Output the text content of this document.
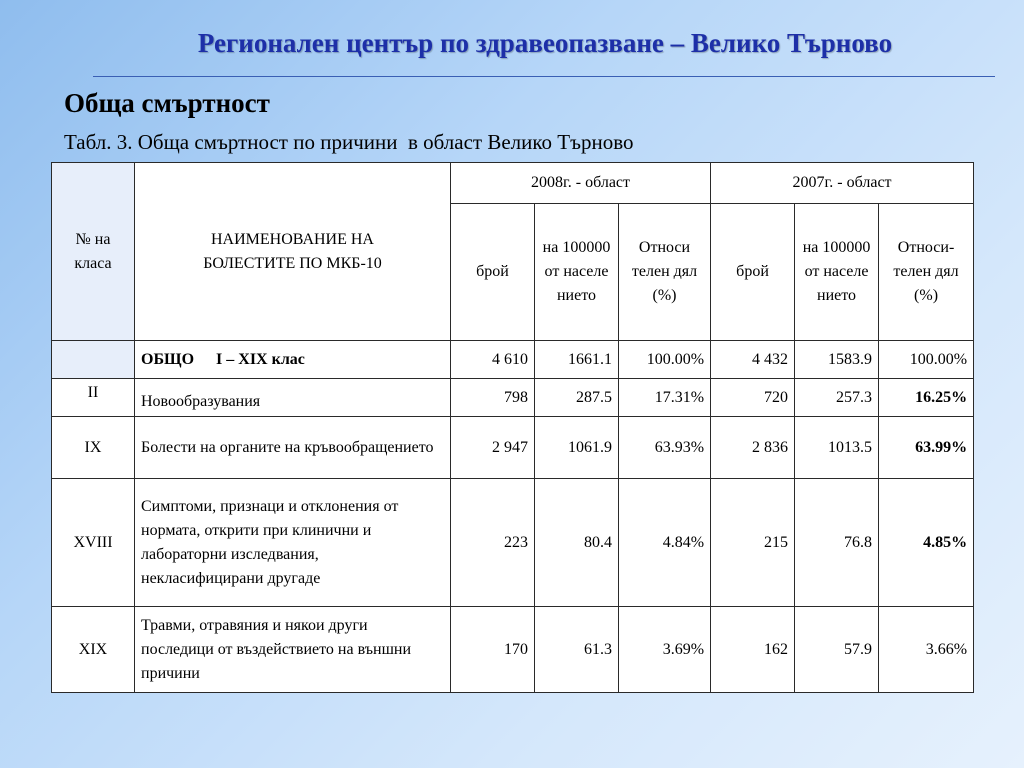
Регионален център по здравеопазване – Велико Търново
Обща смъртност
Табл. 3. Обща смъртност по причини  в област Велико Търново
№ на класа	НАИМЕНОВАНИЕ НА БОЛЕСТИТЕ ПО МКБ-10	2008г. - област			2007г. - област		
		брой	на 100000 от населе нието	Относи телен дял (%)	брой	на 100000 от населе нието	Относи-телен дял (%)
	ОБЩО I – XIX клас	4 610	1661.1	100.00%	4 432	1583.9	100.00%
II	Новообразувания	798	287.5	17.31%	720	257.3	16.25%
IX	Болести на органите на кръвообращението	2 947	1061.9	63.93%	2 836	1013.5	63.99%
XVIII	Симптоми, признаци и отклонения от нормата, открити при клинични и лабораторни изследвания, некласифицирани другаде	223	80.4	4.84%	215	76.8	4.85%
XIX	Травми, отравяния и някои други последици от въздействието на външни причини	170	61.3	3.69%	162	57.9	3.66%
